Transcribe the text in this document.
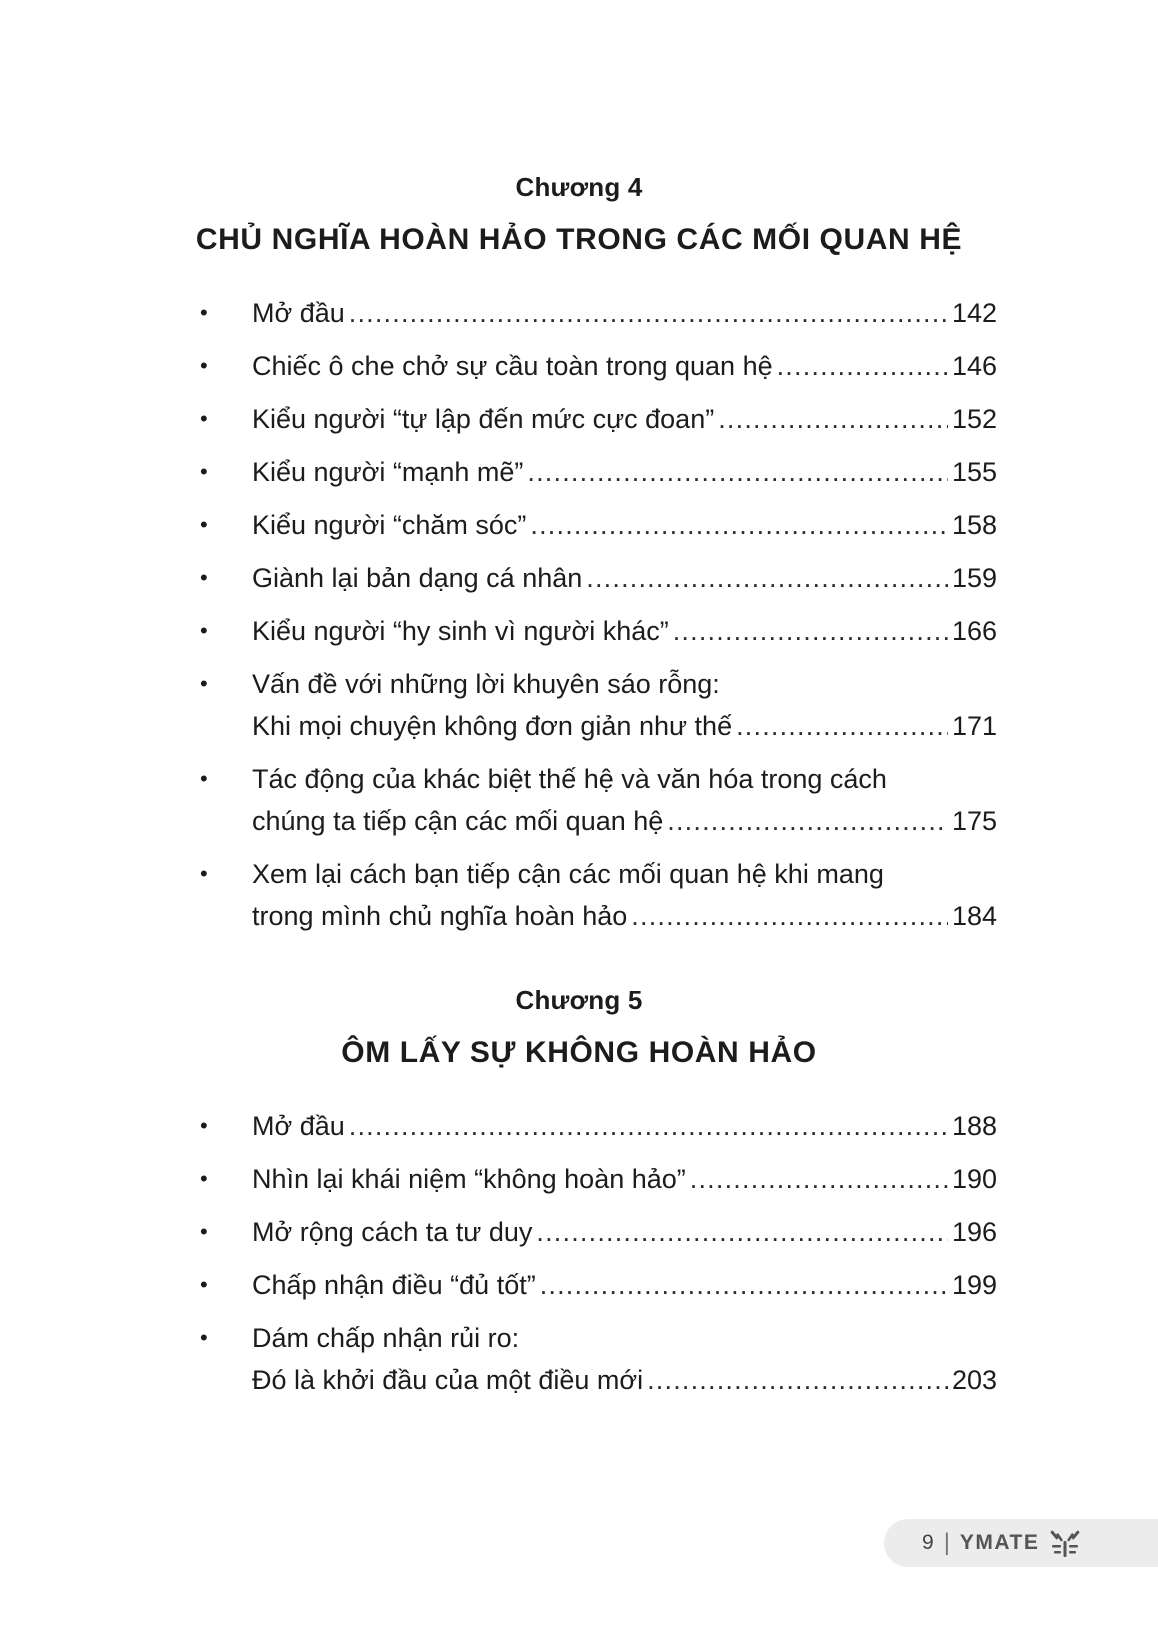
Chương 4
CHỦ NGHĨA HOÀN HẢO TRONG CÁC MỐI QUAN HỆ
• Mở đầu .....	142
• Chiếc ô che chở sự cầu toàn trong quan hệ .....	146
• Kiểu người “tự lập đến mức cực đoan” .....	152
• Kiểu người “mạnh mẽ” .....	155
• Kiểu người “chăm sóc” .....	158
• Giành lại bản dạng cá nhân .....	159
• Kiểu người “hy sinh vì người khác” .....	166
• Vấn đề với những lời khuyên sáo rỗng:
Khi mọi chuyện không đơn giản như thế .....	171
• Tác động của khác biệt thế hệ và văn hóa trong cách
chúng ta tiếp cận các mối quan hệ .....	175
• Xem lại cách bạn tiếp cận các mối quan hệ khi mang
trong mình chủ nghĩa hoàn hảo .....	184
Chương 5
ÔM LẤY SỰ KHÔNG HOÀN HẢO
• Mở đầu .....	188
• Nhìn lại khái niệm “không hoàn hảo” .....	190
• Mở rộng cách ta tư duy .....	196
• Chấp nhận điều “đủ tốt” .....	199
• Dám chấp nhận rủi ro:
Đó là khởi đầu của một điều mới .....	203
9 | YMATE
